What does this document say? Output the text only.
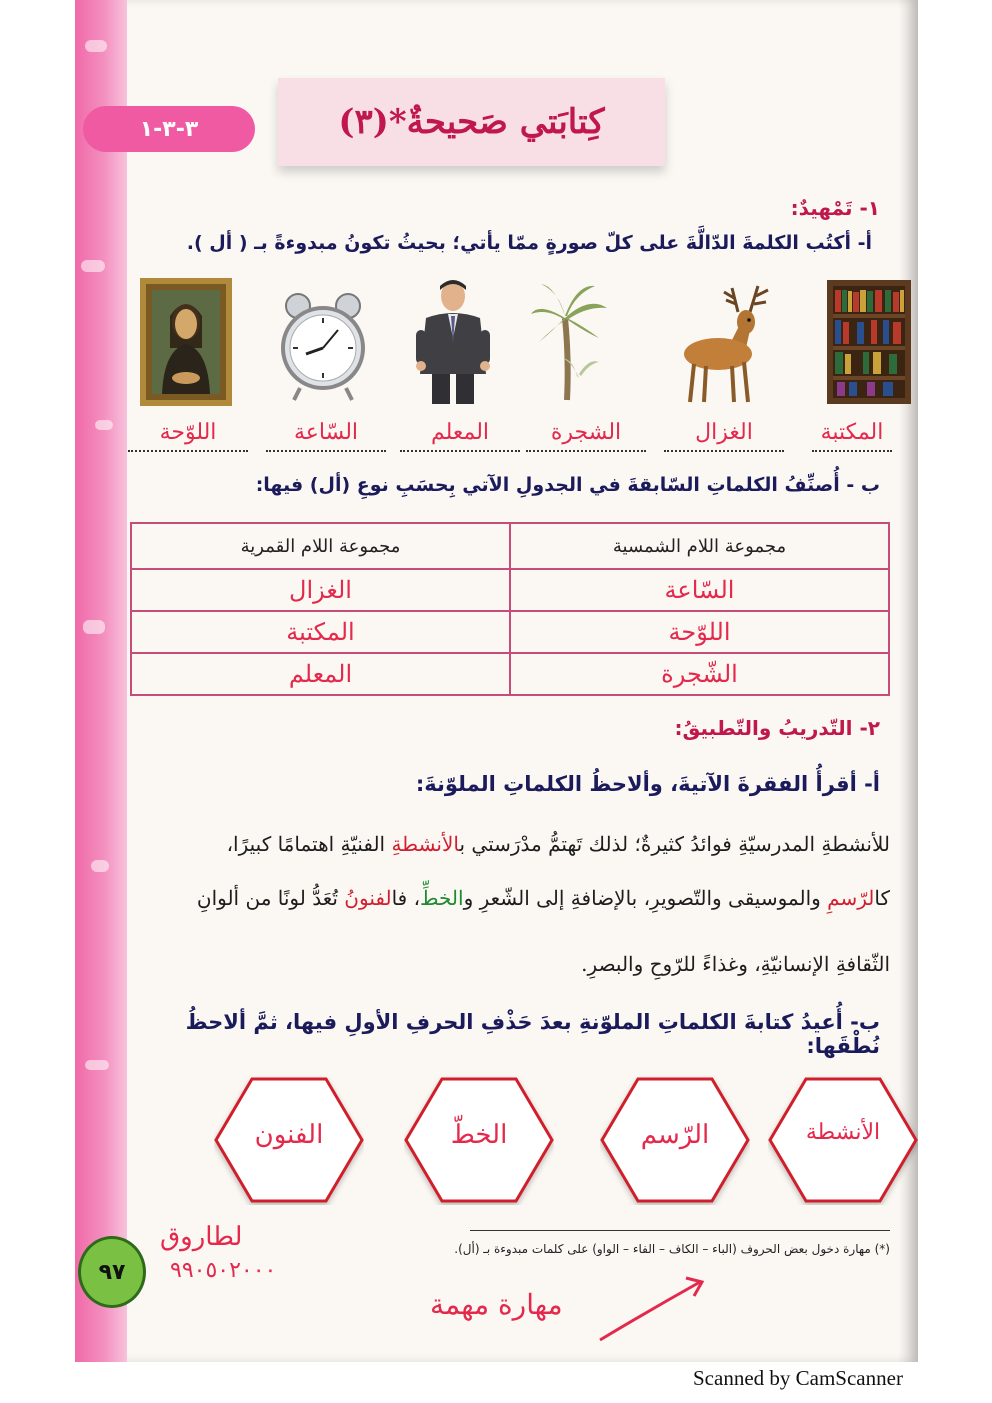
كِتابَتي صَحيحةٌ*(٣)
٣-٣-١
١- تَمْهيدٌ:
أ- أكتُب الكلمةَ الدّالَّةَ على كلّ صورةٍ ممّا يأتي؛ بحيثُ تكونُ مبدوءةً بـ ( أل ).
المكتبة
الغزال
الشجرة
المعلم
السّاعة
اللوّحة
ب - أُصنِّفُ الكلماتِ السّابقةَ في الجدولِ الآتي بِحسَبِ نوعِ (أل) فيها:
مجموعة اللام الشمسية	مجموعة اللام القمرية
السّاعة	الغزال
اللوّحة	المكتبة
الشّجرة	المعلم
٢- التّدريبُ والتّطبيقُ:
أ- أقرأُ الفقرةَ الآتيةَ، وألاحظُ الكلماتِ الملوّنةَ:
للأنشطةِ المدرسيّةِ فوائدُ كثيرةٌ؛ لذلك تَهتمُّ مدْرَستي بالأنشطةِ الفنيّةِ اهتمامًا كبيرًا،
كالرّسمِ والموسيقى والتّصويرِ، بالإضافةِ إلى الشّعرِ والخطِّ، فالفنونُ تُعَدُّ لونًا من ألوانِ
الثّقافةِ الإنسانيّةِ، وغذاءً للرّوحِ والبصرِ.
ب- أُعيدُ كتابةَ الكلماتِ الملوّنةِ بعدَ حَذْفِ الحرفِ الأولِ فيها، ثمَّ ألاحظُ نُطْقَها:
الأنشطة
الرّسم
الخطّ
الفنون
(*) مهارة دخول بعض الحروف (الباء – الكاف – الفاء – الواو) على كلمات مبدوءة بـ (أل).
٩٧
لطاروق
٩٩٠٥٠٢٠٠٠
مهارة مهمة
Scanned by CamScanner
